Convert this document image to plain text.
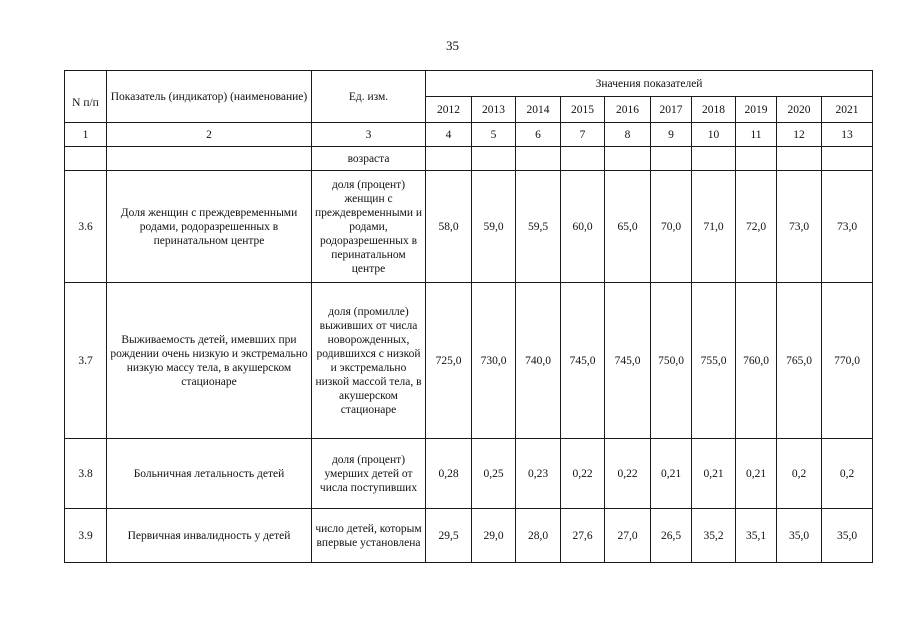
35
N п/п	Показатель (индикатор) (наименование)	Ед. изм.	Значения показателей									
			2012	2013	2014	2015	2016	2017	2018	2019	2020	2021
1	2	3	4	5	6	7	8	9	10	11	12	13
		возраста										
3.6	Доля женщин с преждевременными родами, родоразрешенных в перинатальном центре	доля (процент) женщин с преждевременными и родами, родоразрешенных в перинатальном центре	58,0	59,0	59,5	60,0	65,0	70,0	71,0	72,0	73,0	73,0
3.7	Выживаемость детей, имевших при рождении очень низкую и экстремально низкую массу тела, в акушерском стационаре	доля (промилле) выживших от числа новорожденных, родившихся с низкой и экстремально низкой массой тела, в акушерском стационаре	725,0	730,0	740,0	745,0	745,0	750,0	755,0	760,0	765,0	770,0
3.8	Больничная летальность детей	доля (процент) умерших детей от числа поступивших	0,28	0,25	0,23	0,22	0,22	0,21	0,21	0,21	0,2	0,2
3.9	Первичная инвалидность у детей	число детей, которым впервые установлена	29,5	29,0	28,0	27,6	27,0	26,5	35,2	35,1	35,0	35,0
